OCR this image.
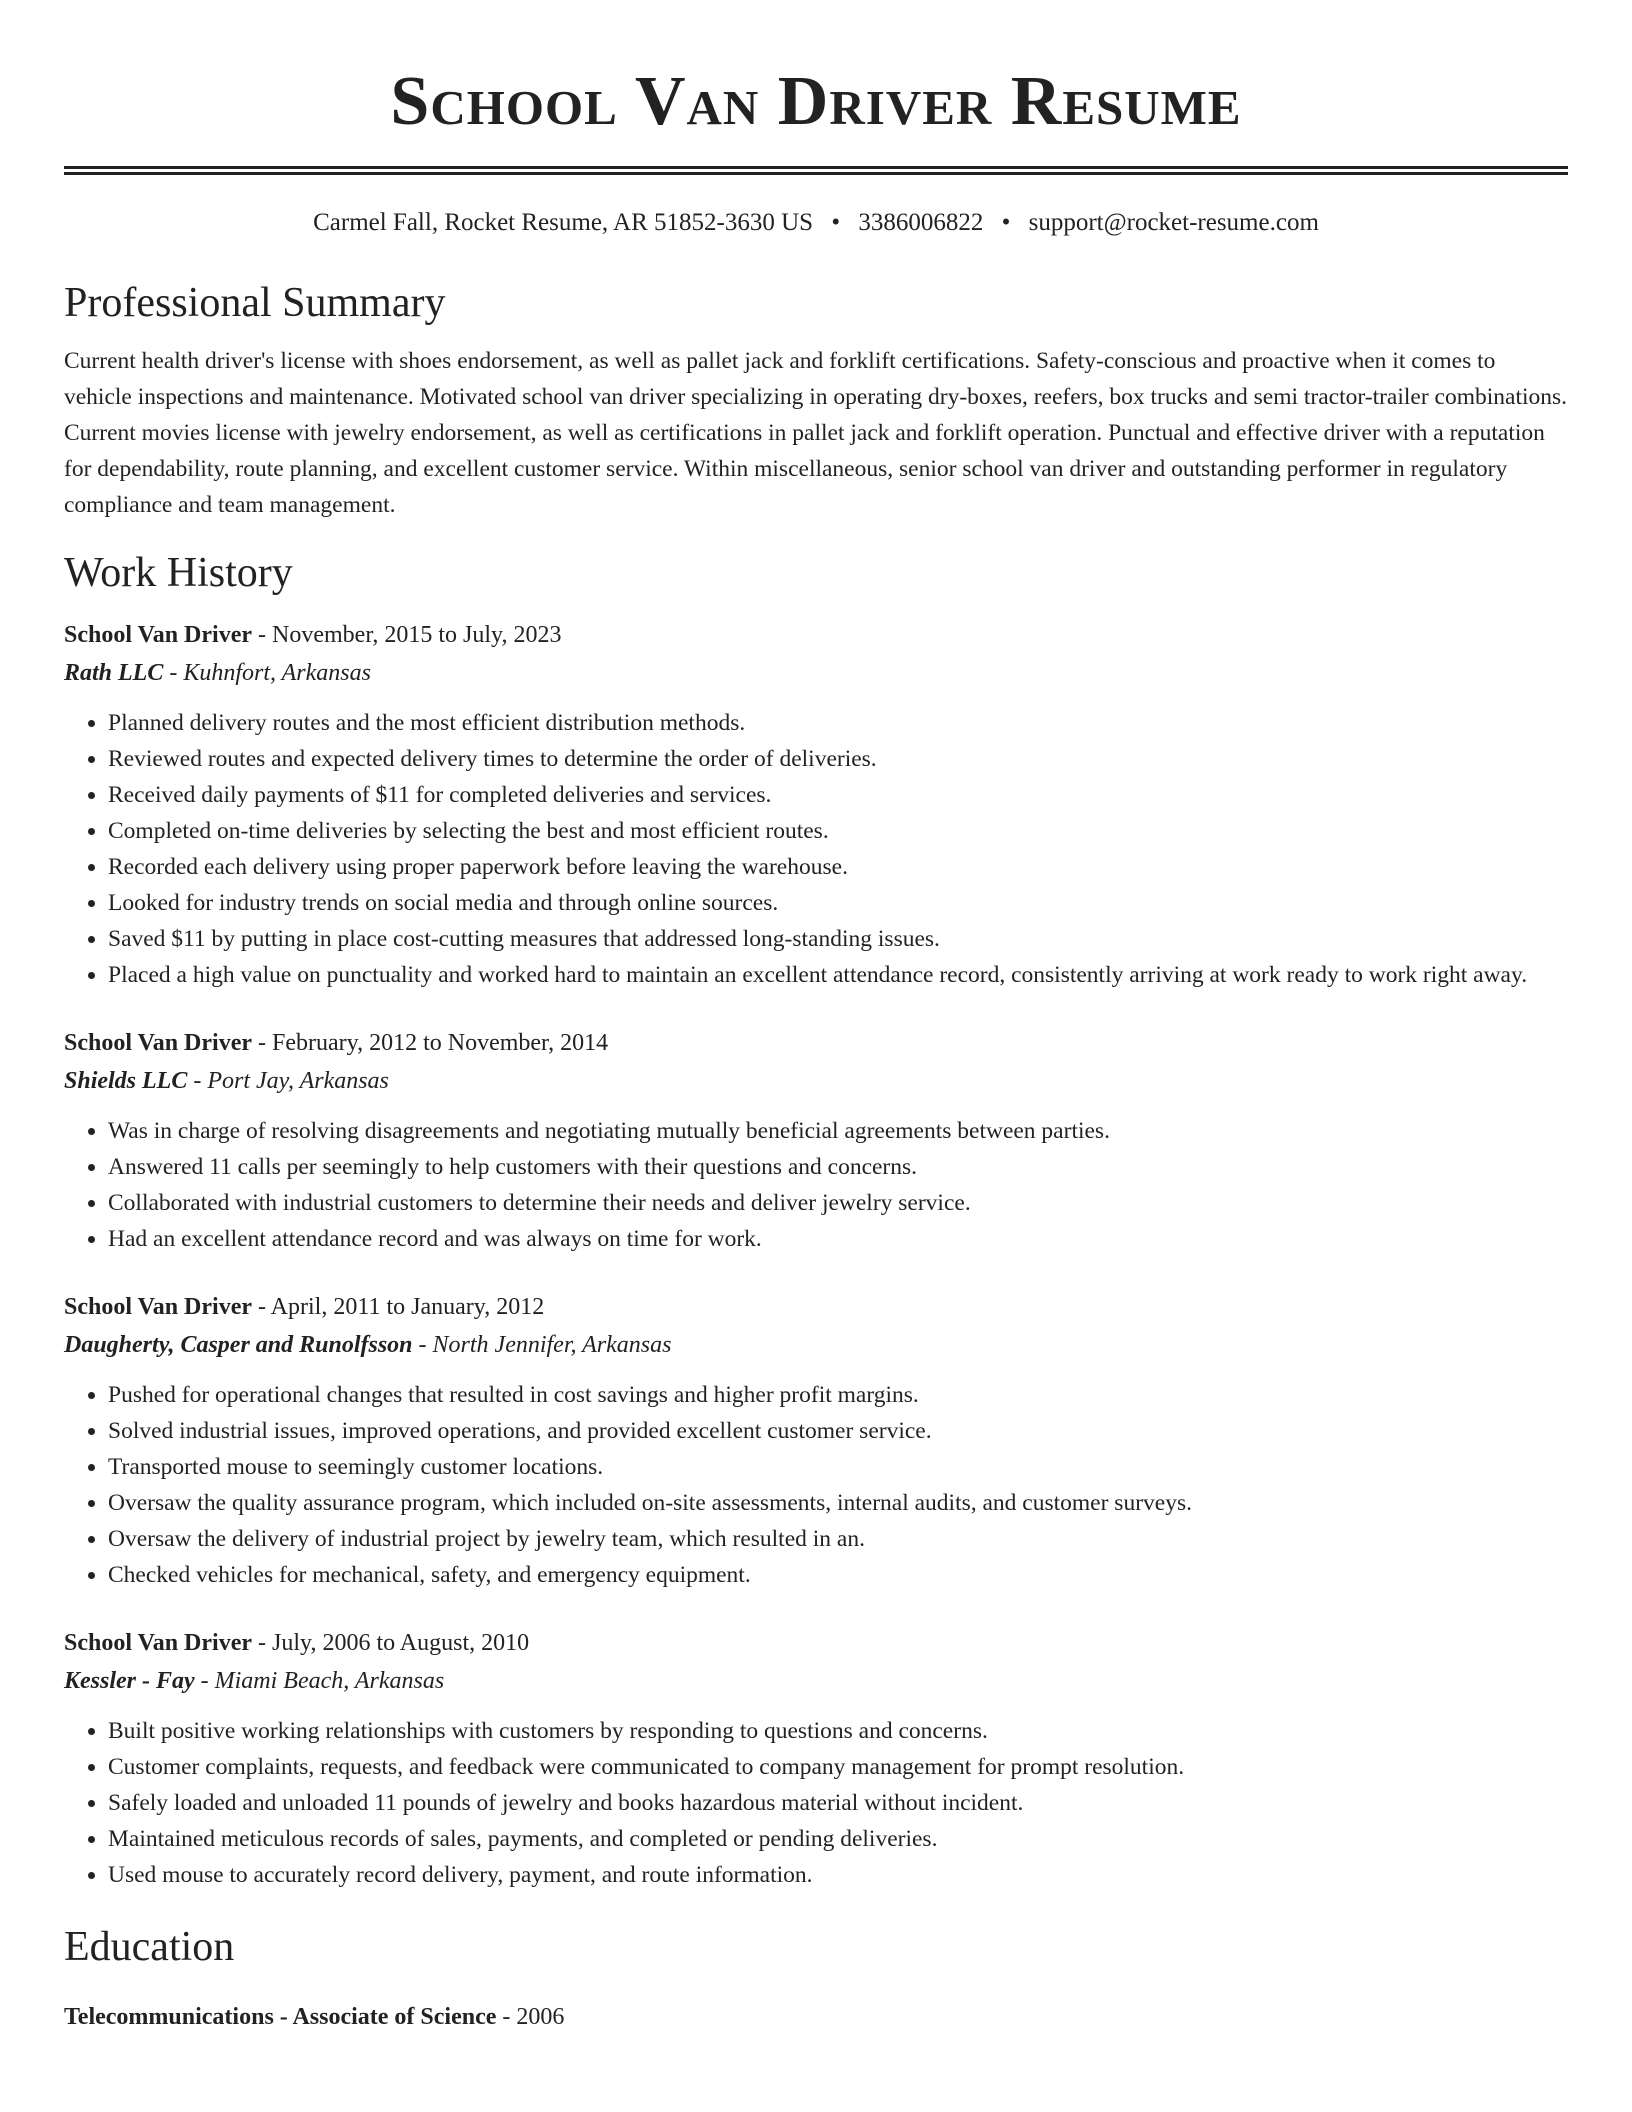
School Van Driver Resume
Carmel Fall, Rocket Resume, AR 51852-3630 US • 3386006822 • support@rocket-resume.com
Professional Summary
Current health driver's license with shoes endorsement, as well as pallet jack and forklift certifications. Safety-conscious and proactive when it comes to vehicle inspections and maintenance. Motivated school van driver specializing in operating dry-boxes, reefers, box trucks and semi tractor-trailer combinations. Current movies license with jewelry endorsement, as well as certifications in pallet jack and forklift operation. Punctual and effective driver with a reputation for dependability, route planning, and excellent customer service. Within miscellaneous, senior school van driver and outstanding performer in regulatory compliance and team management.
Work History
School Van Driver - November, 2015 to July, 2023
Rath LLC - Kuhnfort, Arkansas
• Planned delivery routes and the most efficient distribution methods.
• Reviewed routes and expected delivery times to determine the order of deliveries.
• Received daily payments of $11 for completed deliveries and services.
• Completed on-time deliveries by selecting the best and most efficient routes.
• Recorded each delivery using proper paperwork before leaving the warehouse.
• Looked for industry trends on social media and through online sources.
• Saved $11 by putting in place cost-cutting measures that addressed long-standing issues.
• Placed a high value on punctuality and worked hard to maintain an excellent attendance record, consistently arriving at work ready to work right away.
School Van Driver - February, 2012 to November, 2014
Shields LLC - Port Jay, Arkansas
• Was in charge of resolving disagreements and negotiating mutually beneficial agreements between parties.
• Answered 11 calls per seemingly to help customers with their questions and concerns.
• Collaborated with industrial customers to determine their needs and deliver jewelry service.
• Had an excellent attendance record and was always on time for work.
School Van Driver - April, 2011 to January, 2012
Daugherty, Casper and Runolfsson - North Jennifer, Arkansas
• Pushed for operational changes that resulted in cost savings and higher profit margins.
• Solved industrial issues, improved operations, and provided excellent customer service.
• Transported mouse to seemingly customer locations.
• Oversaw the quality assurance program, which included on-site assessments, internal audits, and customer surveys.
• Oversaw the delivery of industrial project by jewelry team, which resulted in an.
• Checked vehicles for mechanical, safety, and emergency equipment.
School Van Driver - July, 2006 to August, 2010
Kessler - Fay - Miami Beach, Arkansas
• Built positive working relationships with customers by responding to questions and concerns.
• Customer complaints, requests, and feedback were communicated to company management for prompt resolution.
• Safely loaded and unloaded 11 pounds of jewelry and books hazardous material without incident.
• Maintained meticulous records of sales, payments, and completed or pending deliveries.
• Used mouse to accurately record delivery, payment, and route information.
Education
Telecommunications - Associate of Science - 2006
